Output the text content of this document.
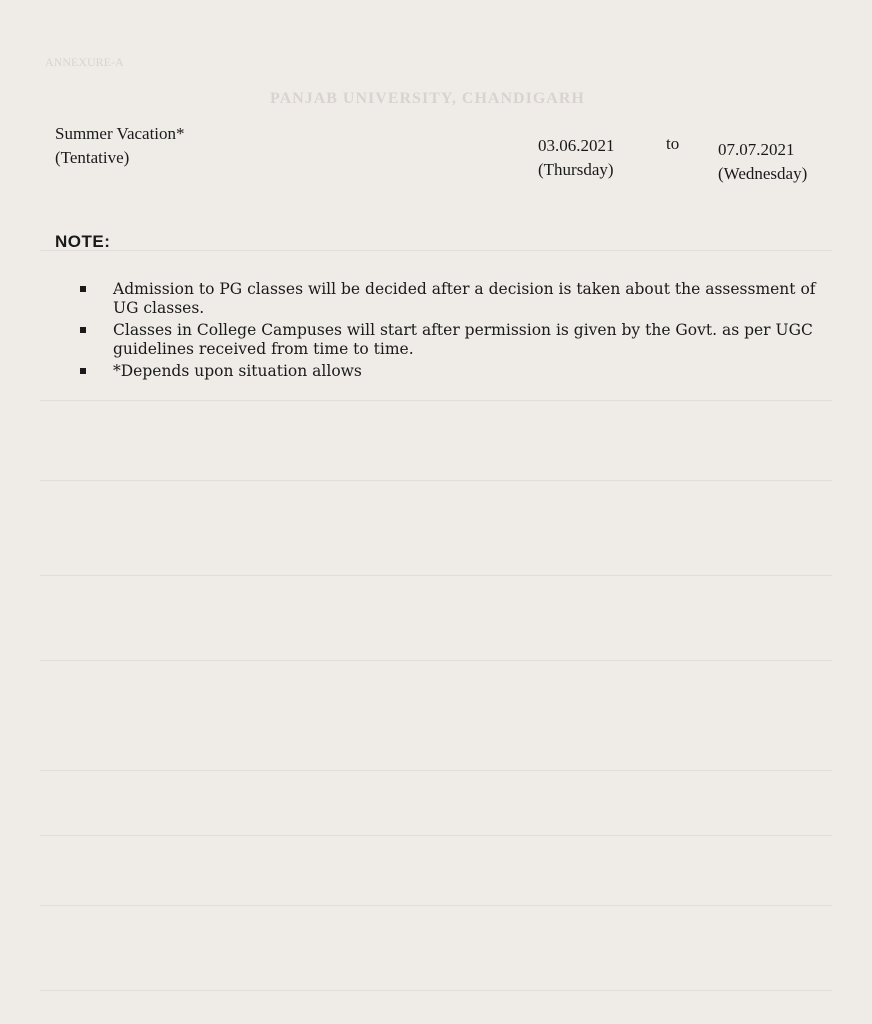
ANNEXURE-A
PANJAB UNIVERSITY, CHANDIGARH
Summer Vacation*
(Tentative)
03.06.2021
(Thursday)
to 07.07.2021
(Wednesday)
NOTE:
Admission to PG classes will be decided after a decision is taken about the assessment of UG classes.
Classes in College Campuses will start after permission is given by the Govt. as per UGC guidelines received from time to time.
*Depends upon situation allows
